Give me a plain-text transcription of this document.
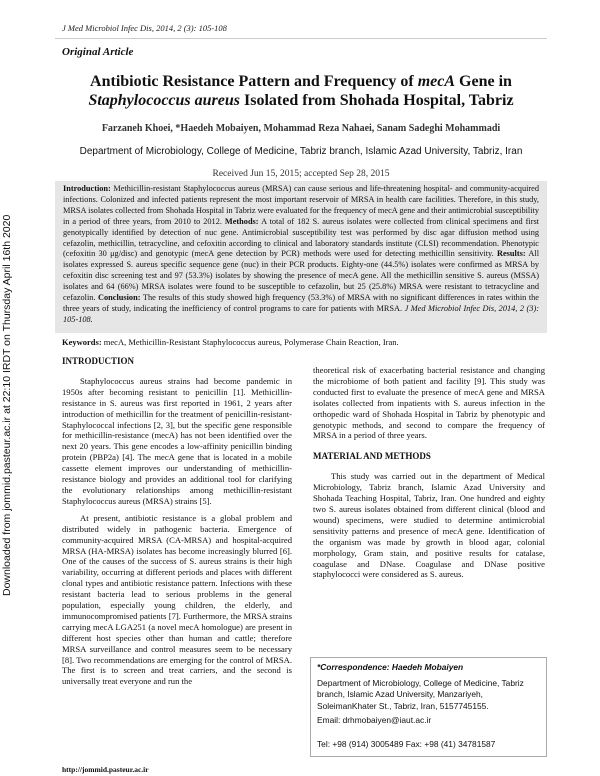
Downloaded from jommid.pasteur.ac.ir at 22:10 IRDT on Thursday April 16th 2020
J Med Microbiol Infec Dis, 2014, 2 (3): 105-108
Original Article
Antibiotic Resistance Pattern and Frequency of mecA Gene in
Staphylococcus aureus Isolated from Shohada Hospital, Tabriz
Farzaneh Khoei, *Haedeh Mobaiyen, Mohammad Reza Nahaei, Sanam Sadeghi Mohammadi
Department of Microbiology, College of Medicine, Tabriz branch, Islamic Azad University, Tabriz, Iran
Received Jun 15, 2015; accepted Sep 28, 2015
Introduction: Methicillin-resistant Staphylococcus aureus (MRSA) can cause serious and life-threatening hospital- and community-acquired infections. Colonized and infected patients represent the most important reservoir of MRSA in health care facilities. Therefore, in this study, MRSA isolates collected from Shohada Hospital in Tabriz were evaluated for the frequency of mecA gene and their antimicrobial susceptibility in a period of three years, from 2010 to 2012. Methods: A total of 182 S. aureus isolates were collected from clinical specimens and first genotypically identified by detection of nuc gene. Antimicrobial susceptibility test was performed by disc agar diffusion method using cefazolin, methicillin, tetracycline, and cefoxitin according to clinical and laboratory standards institute (CLSI) recommendation. Phenotypic (cefoxitin 30 μg/disc) and genotypic (mecA gene detection by PCR) methods were used for detecting methicillin sensitivity. Results: All isolates expressed S. aureus specific sequence gene (nuc) in their PCR products. Eighty-one (44.5%) isolates were confirmed as MRSA by cefoxitin disc screening test and 97 (53.3%) isolates by showing the presence of mecA gene. All the methicillin sensitive S. aureus (MSSA) isolates and 64 (66%) MRSA isolates were found to be susceptible to cefazolin, but 25 (25.8%) MRSA were resistant to tetracycline and cefazolin. Conclusion: The results of this study showed high frequency (53.3%) of MRSA with no significant differences in rates within the three years of study, indicating the inefficiency of control programs to care for patients with MRSA. J Med Microbiol Infec Dis, 2014, 2 (3): 105-108.
Keywords: mecA, Methicillin-Resistant Staphylococcus aureus, Polymerase Chain Reaction, Iran.
INTRODUCTION

Staphylococcus aureus strains had become pandemic in 1950s after becoming resistant to penicillin [1]. Methicillin-resistance in S. aureus was first reported in 1961, 2 years after introduction of methicillin for the treatment of penicillin-resistant-Staphylococcal infections [2, 3], but the specific gene responsible for methicillin-resistance (mecA) has not been identified over the next 20 years. This gene encodes a low-affinity penicillin binding protein (PBP2a) [4]. The mecA gene that is located in a mobile cassette element improves our understanding of methicillin-resistance biology and provides an additional tool for clarifying the evolutionary relationships among methicillin-resistant Staphylococcus aureus (MRSA) strains [5].

At present, antibiotic resistance is a global problem and distributed widely in pathogenic bacteria. Emergence of community-acquired MRSA (CA-MRSA) and hospital-acquired MRSA (HA-MRSA) isolates has become increasingly blurred [6]. One of the causes of the success of S. aureus strains is their high variability, occurring at different periods and places with different clonal types and antibiotic resistance pattern. Infections with these resistant bacteria lead to serious problems in the general population, especially young children, the elderly, and immunocompromised patients [7]. Furthermore, the MRSA strains carrying mecA LGA251 (a novel mecA homologue) are present in different host species other than human and cattle; therefore MRSA surveillance and control measures seem to be necessary [8]. Two recommendations are emerging for the control of MRSA. The first is to screen and treat carriers, and the second is universally treat everyone and run the

theoretical risk of exacerbating bacterial resistance and changing the microbiome of both patient and facility [9]. This study was conducted first to evaluate the presence of mecA gene and MRSA isolates collected from inpatients with S. aureus infection in the orthopedic ward of Shohada Hospital in Tabriz by phenotypic and genotypic methods, and second to compare the frequency of MRSA in a period of three years.

MATERIAL AND METHODS

This study was carried out in the department of Medical Microbiology, Tabriz branch, Islamic Azad University and Shohada Teaching Hospital, Tabriz, Iran. One hundred and eighty two S. aureus isolates obtained from different clinical (blood and wound) specimens, were studied to determine antimicrobial sensitivity patterns and presence of mecA gene. Identification of the organism was made by growth in blood agar, colonial morphology, Gram stain, and positive results for catalase, coagulase and DNase. Coagulase and DNase positive staphylococci were considered as S. aureus.

*Correspondence: Haedeh Mobaiyen
Department of Microbiology, College of Medicine, Tabriz branch, Islamic Azad University, Manzariyeh, SoleimanKhater St., Tabriz, Iran, 5157745155.
Email: drhmobaiyen@iaut.ac.ir
Tel: +98 (914) 3005489 Fax: +98 (41) 34781587
http://jommid.pasteur.ac.ir
